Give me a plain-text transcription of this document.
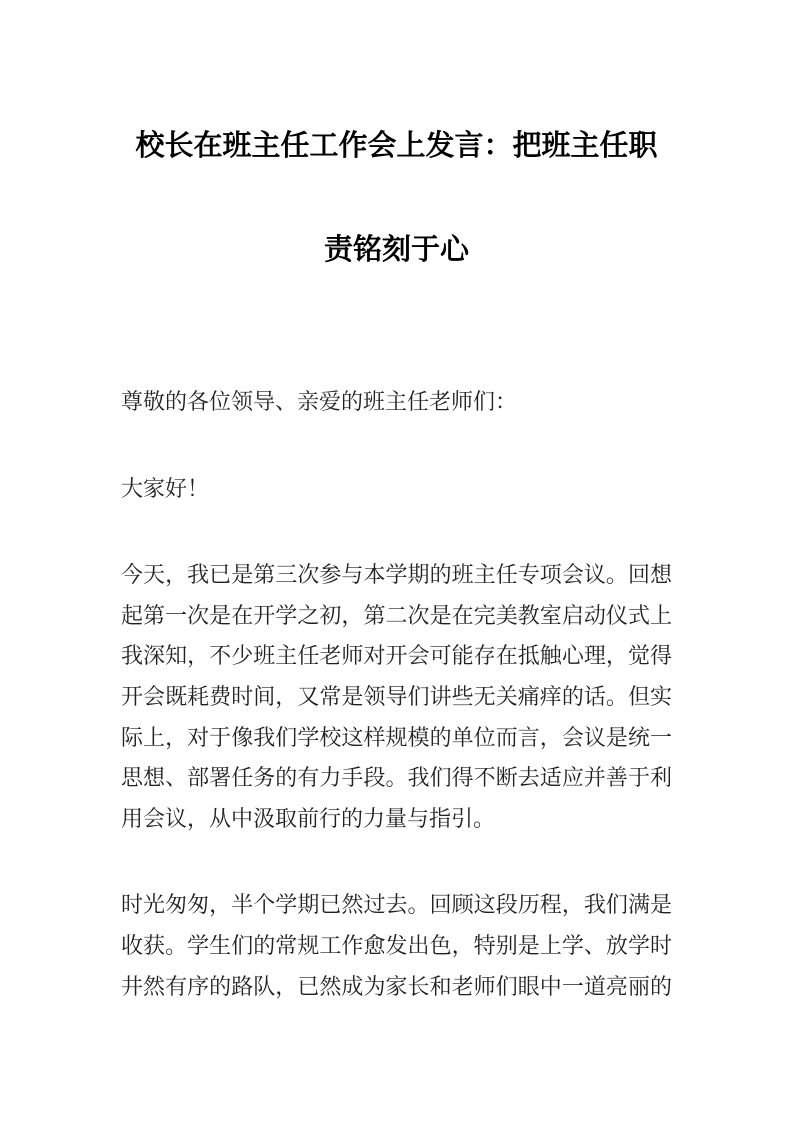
校长在班主任工作会上发言：把班主任职
责铭刻于心

尊敬的各位领导、亲爱的班主任老师们：

大家好！

今天，我已是第三次参与本学期的班主任专项会议。回想
起第一次是在开学之初，第二次是在完美教室启动仪式上
我深知，不少班主任老师对开会可能存在抵触心理，觉得
开会既耗费时间，又常是领导们讲些无关痛痒的话。但实
际上，对于像我们学校这样规模的单位而言，会议是统一
思想、部署任务的有力手段。我们得不断去适应并善于利
用会议，从中汲取前行的力量与指引。

时光匆匆，半个学期已然过去。回顾这段历程，我们满是
收获。学生们的常规工作愈发出色，特别是上学、放学时
井然有序的路队，已然成为家长和老师们眼中一道亮丽的
